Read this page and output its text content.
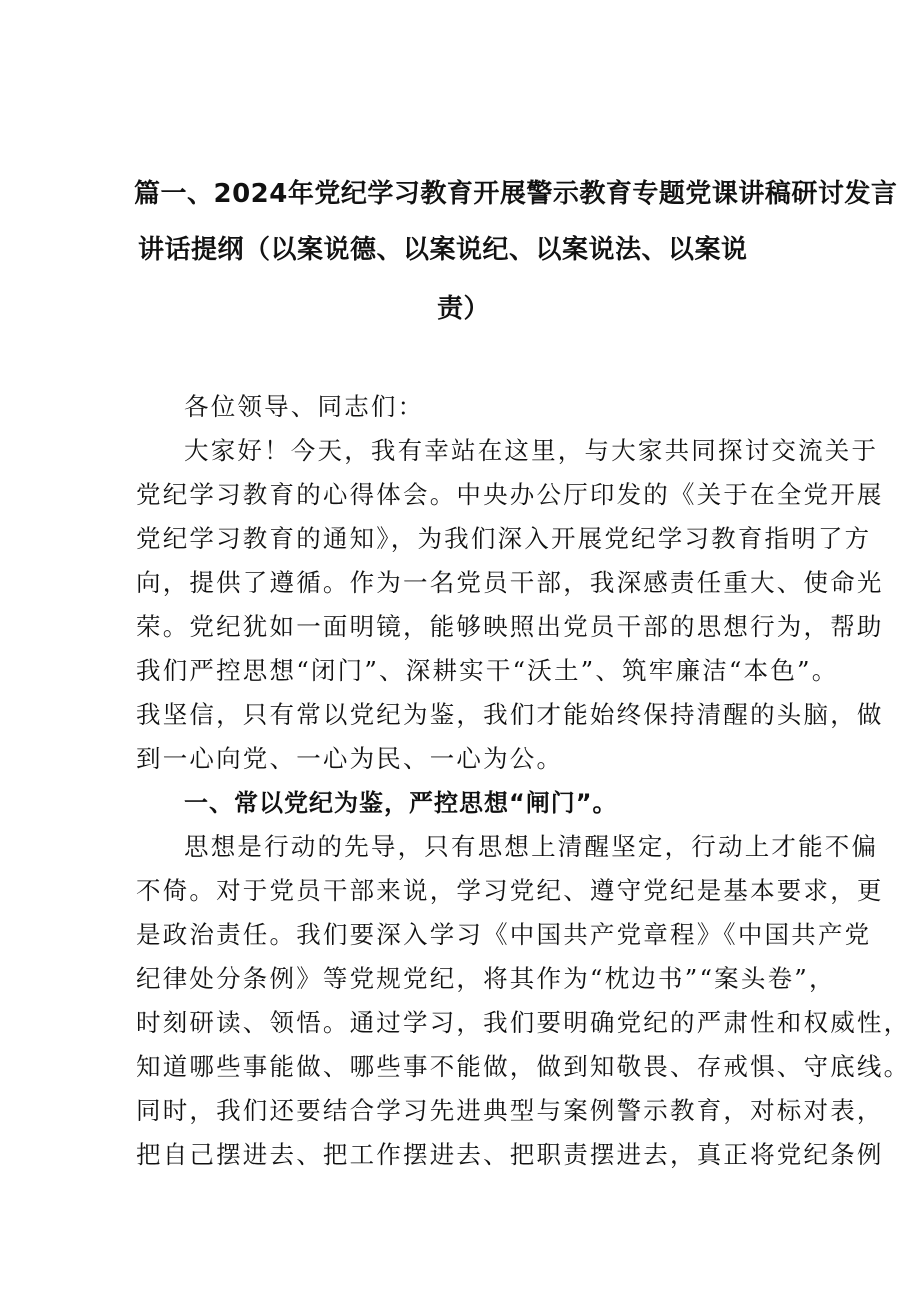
篇一、2024年党纪学习教育开展警示教育专题党课讲稿研讨发言
讲话提纲（以案说德、以案说纪、以案说法、以案说
责）
各位领导、同志们：
大家好！今天，我有幸站在这里，与大家共同探讨交流关于
党纪学习教育的心得体会。中央办公厅印发的《关于在全党开展
党纪学习教育的通知》，为我们深入开展党纪学习教育指明了方
向，提供了遵循。作为一名党员干部，我深感责任重大、使命光
荣。党纪犹如一面明镜，能够映照出党员干部的思想行为，帮助
我们严控思想“闭门”、深耕实干“沃土”、筑牢廉洁“本色”。
我坚信，只有常以党纪为鉴，我们才能始终保持清醒的头脑，做
到一心向党、一心为民、一心为公。
一、常以党纪为鉴，严控思想“闸门”。
思想是行动的先导，只有思想上清醒坚定，行动上才能不偏
不倚。对于党员干部来说，学习党纪、遵守党纪是基本要求，更
是政治责任。我们要深入学习《中国共产党章程》《中国共产党
纪律处分条例》等党规党纪，将其作为“枕边书”“案头卷”，
时刻研读、领悟。通过学习，我们要明确党纪的严肃性和权威性，
知道哪些事能做、哪些事不能做，做到知敬畏、存戒惧、守底线。
同时，我们还要结合学习先进典型与案例警示教育，对标对表，
把自己摆进去、把工作摆进去、把职责摆进去，真正将党纪条例
